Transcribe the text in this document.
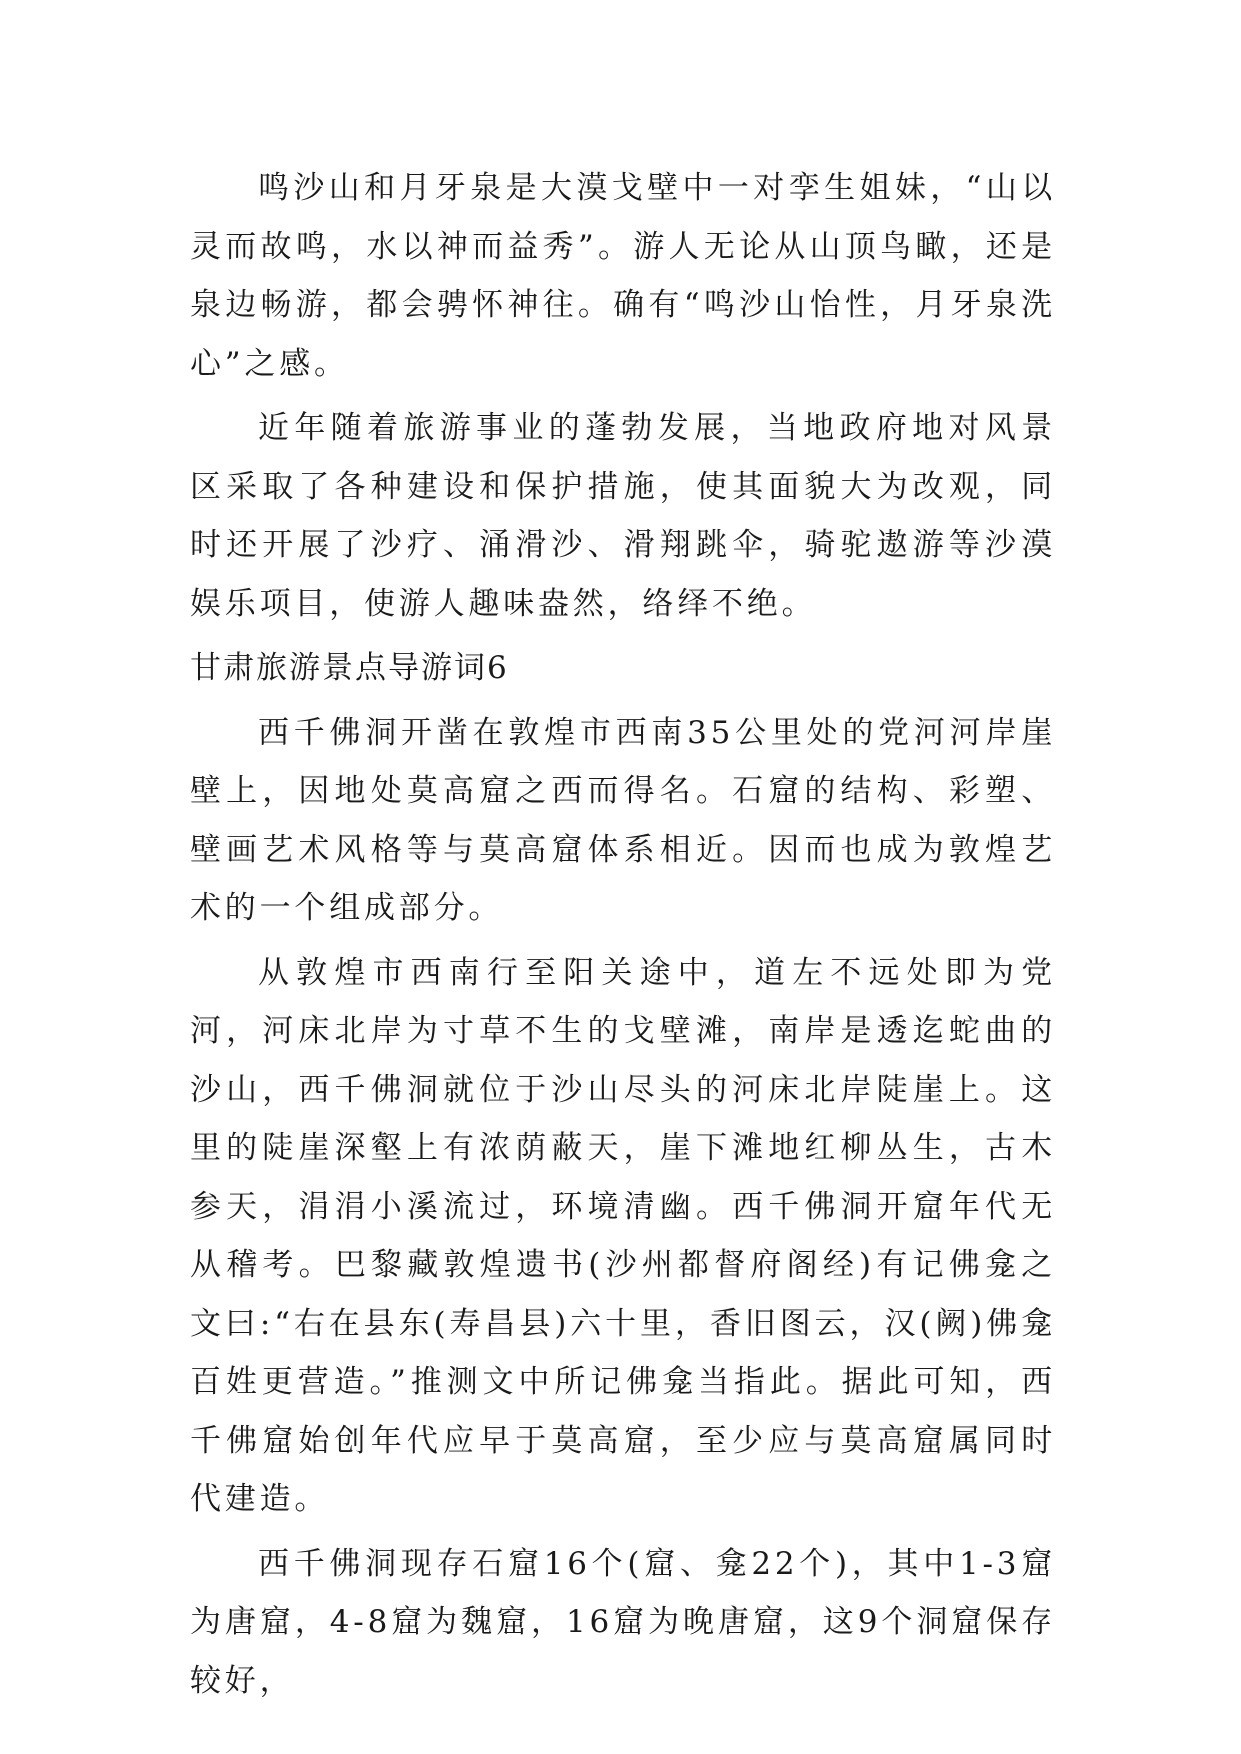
鸣沙山和月牙泉是大漠戈壁中一对孪生姐妹，“山以灵而故鸣，水以神而益秀”。游人无论从山顶鸟瞰，还是泉边畅游，都会骋怀神往。确有“鸣沙山怡性，月牙泉洗心”之感。

近年随着旅游事业的蓬勃发展，当地政府地对风景区采取了各种建设和保护措施，使其面貌大为改观，同时还开展了沙疗、涌滑沙、滑翔跳伞，骑驼遨游等沙漠娱乐项目，使游人趣味盎然，络绎不绝。

甘肃旅游景点导游词6

西千佛洞开凿在敦煌市西南35公里处的党河河岸崖壁上，因地处莫高窟之西而得名。石窟的结构、彩塑、壁画艺术风格等与莫高窟体系相近。因而也成为敦煌艺术的一个组成部分。

从敦煌市西南行至阳关途中，道左不远处即为党河，河床北岸为寸草不生的戈壁滩，南岸是透迄蛇曲的沙山，西千佛洞就位于沙山尽头的河床北岸陡崖上。这里的陡崖深壑上有浓荫蔽天，崖下滩地红柳丛生，古木参天，涓涓小溪流过，环境清幽。西千佛洞开窟年代无从稽考。巴黎藏敦煌遗书(沙州都督府阁经)有记佛龛之文曰:“右在县东(寿昌县)六十里，香旧图云，汉(阙)佛龛百姓更营造。”推测文中所记佛龛当指此。据此可知，西千佛窟始创年代应早于莫高窟，至少应与莫高窟属同时代建造。

西千佛洞现存石窟16个(窟、龛22个)，其中1-3窟为唐窟，4-8窟为魏窟，16窟为晚唐窟，这9个洞窟保存较好，
